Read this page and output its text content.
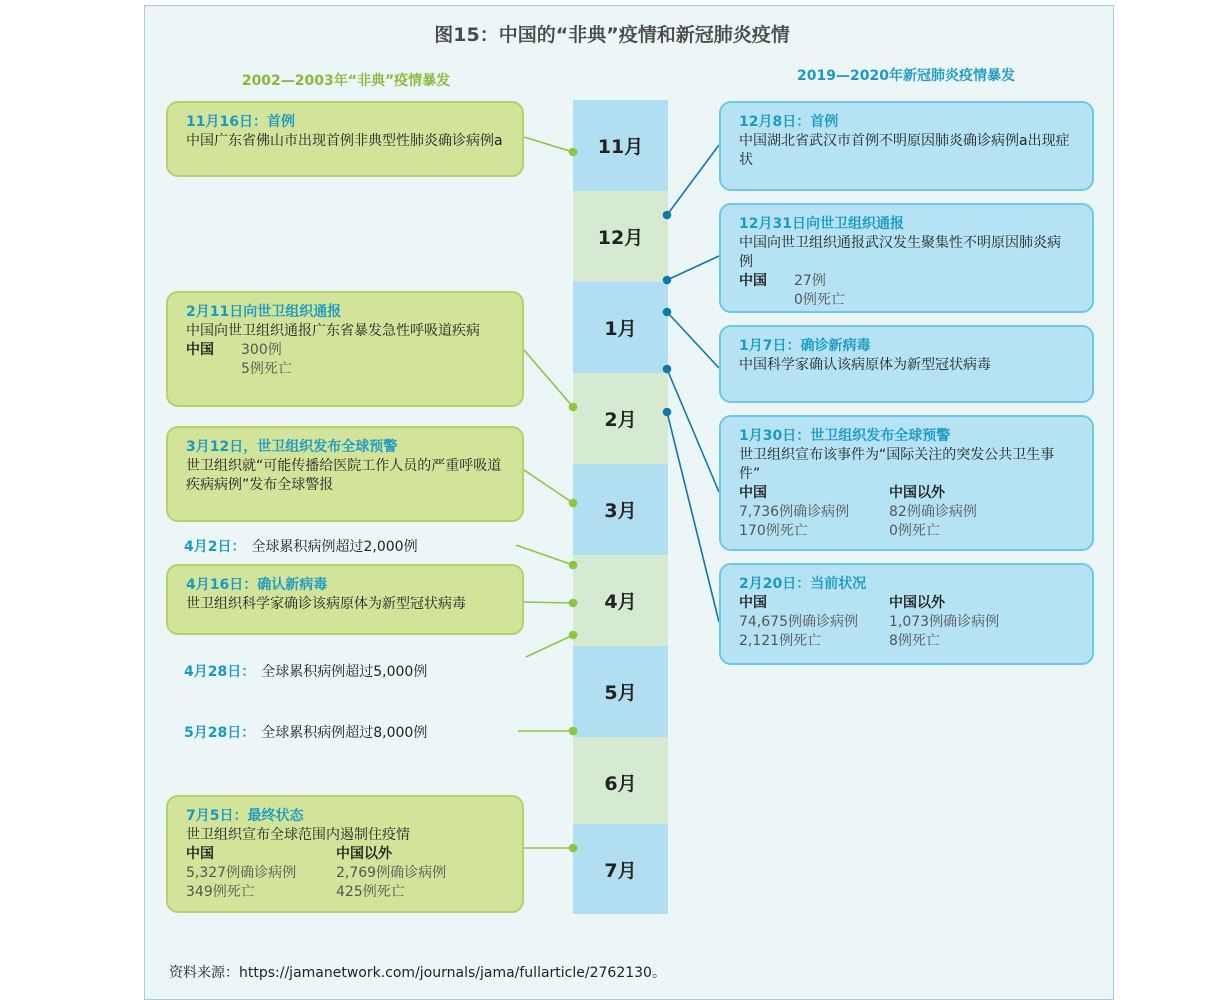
图15：中国的“非典”疫情和新冠肺炎疫情
2002—2003年“非典”疫情暴发	2019—2020年新冠肺炎疫情暴发
11月
12月
1月
2月
3月
4月
5月
6月
7月
11月16日：首例
中国广东省佛山市出现首例非典型性肺炎确诊病例a
2月11日向世卫组织通报
中国向世卫组织通报广东省暴发急性呼吸道疾病
中国	300例
5例死亡
3月12日，世卫组织发布全球预警
世卫组织就“可能传播给医院工作人员的严重呼吸道疾病病例”发布全球警报
4月2日： 全球累积病例超过2,000例
4月16日：确认新病毒
世卫组织科学家确诊该病原体为新型冠状病毒
4月28日： 全球累积病例超过5,000例
5月28日： 全球累积病例超过8,000例
7月5日：最终状态
世卫组织宣布全球范围内遏制住疫情
中国	中国以外
5,327例确诊病例	2,769例确诊病例
349例死亡	425例死亡
12月8日：首例
中国湖北省武汉市首例不明原因肺炎确诊病例a出现症状
12月31日向世卫组织通报
中国向世卫组织通报武汉发生聚集性不明原因肺炎病例
中国	27例
0例死亡
1月7日：确诊新病毒
中国科学家确认该病原体为新型冠状病毒
1月30日：世卫组织发布全球预警
世卫组织宣布该事件为“国际关注的突发公共卫生事件”
中国	中国以外
7,736例确诊病例	82例确诊病例
170例死亡	0例死亡
2月20日：当前状况
中国	中国以外
74,675例确诊病例	1,073例确诊病例
2,121例死亡	8例死亡
资料来源：https://jamanetwork.com/journals/jama/fullarticle/2762130。
